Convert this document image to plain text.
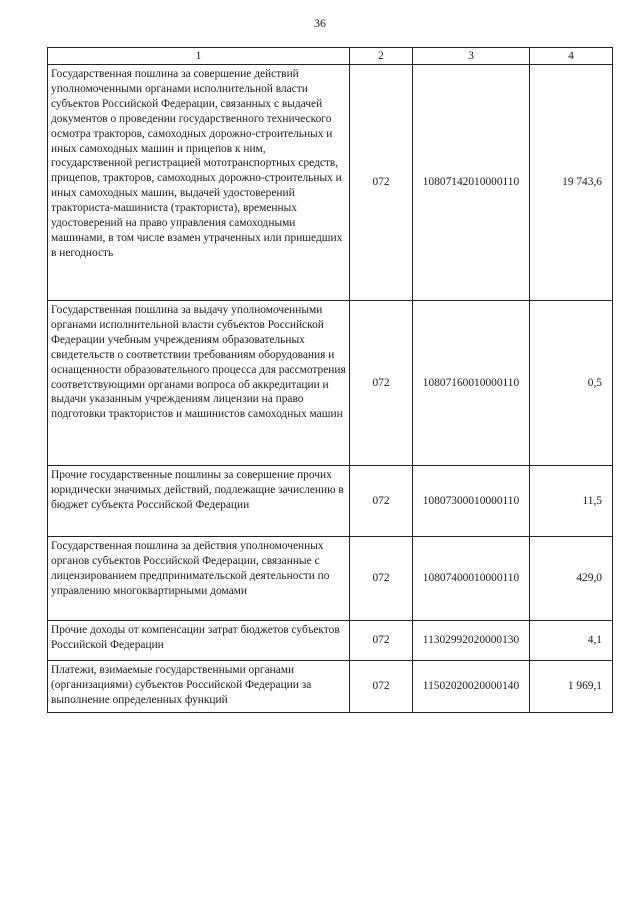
36
1	2	3	4

Государственная пошлина за совершение действий уполномоченными органами исполнительной власти субъектов Российской Федерации, связанных с выдачей документов о проведении государственного технического осмотра тракторов, самоходных дорожно-строительных и иных самоходных машин и прицепов к ним, государственной регистрацией мототранспортных средств, прицепов, тракторов, самоходных дорожно-строительных и иных самоходных машин, выдачей удостоверений тракториста-машиниста (тракториста), временных удостоверений на право управления самоходными машинами, в том числе взамен утраченных или пришедших в негодность	072	10807142010000110	19 743,6

Государственная пошлина за выдачу уполномоченными органами исполнительной власти субъектов Российской Федерации учебным учреждениям образовательных свидетельств о соответствии требованиям оборудования и оснащенности образовательного процесса для рассмотрения соответствующими органами вопроса об аккредитации и выдачи указанным учреждениям лицензии на право подготовки трактористов и машинистов самоходных машин	072	10807160010000110	0,5

Прочие государственные пошлины за совершение прочих юридически значимых действий, подлежащие зачислению в бюджет субъекта Российской Федерации	072	10807300010000110	11,5

Государственная пошлина за действия уполномоченных органов субъектов Российской Федерации, связанные с лицензированием предпринимательской деятельности по управлению многоквартирными домами	072	10807400010000110	429,0

Прочие доходы от компенсации затрат бюджетов субъектов Российской Федерации	072	11302992020000130	4,1

Платежи, взимаемые государственными органами (организациями) субъектов Российской Федерации за выполнение определенных функций	072	11502020020000140	1 969,1
